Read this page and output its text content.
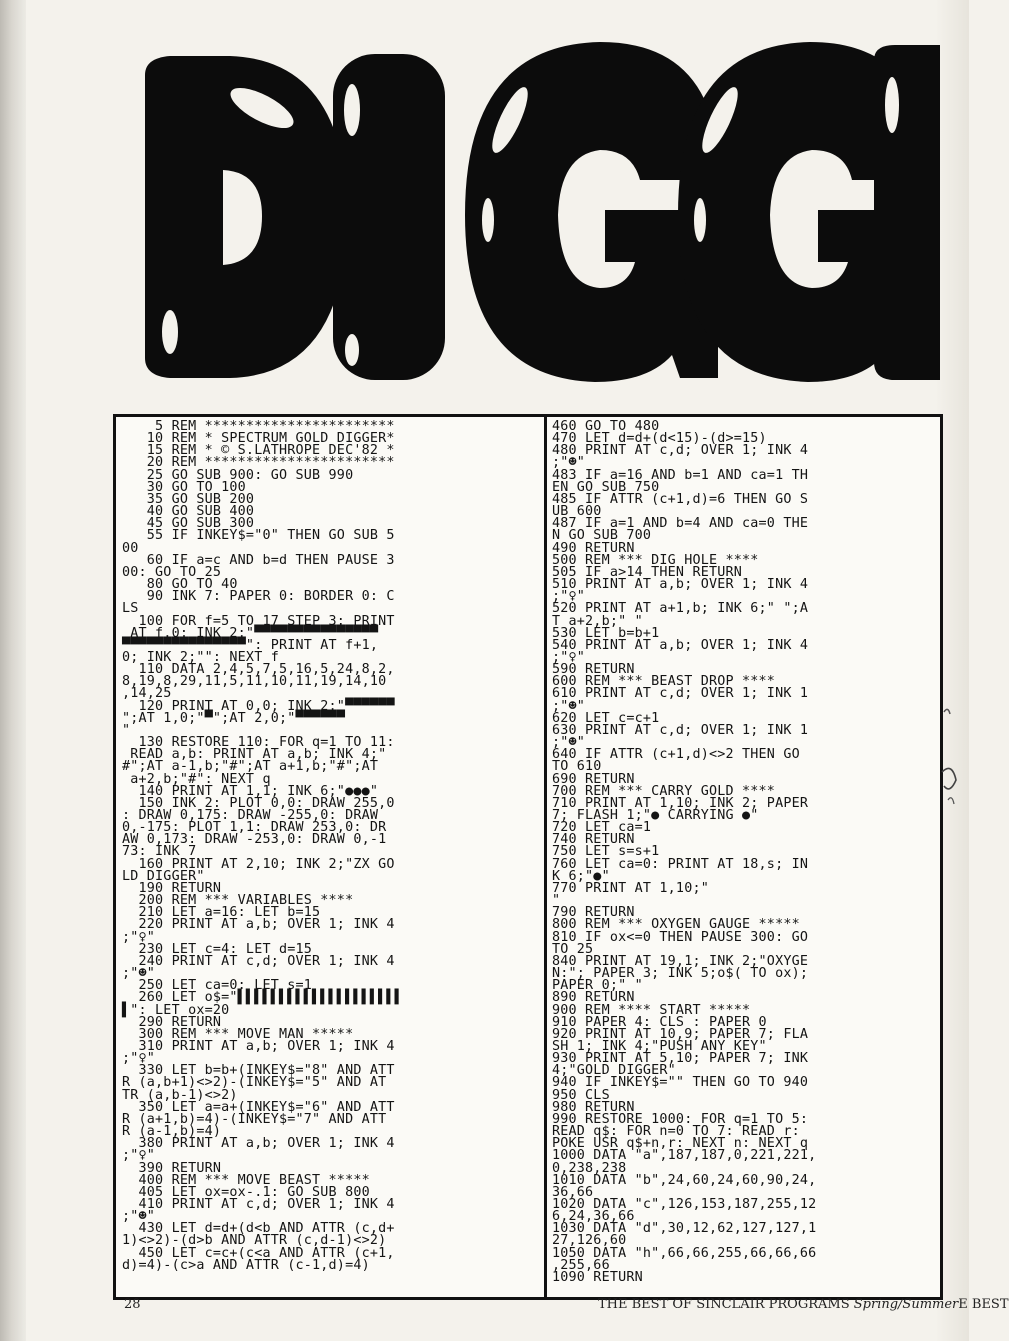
5 REM ***********************
10 REM * SPECTRUM GOLD DIGGER*
15 REM * © S.LATHROPE DEC'82 *
20 REM ***********************
25 GO SUB 900: GO SUB 990
30 GO TO 100
35 GO SUB 200
40 GO SUB 400
45 GO SUB 300
55 IF INKEY$="0" THEN GO SUB 5
00
60 IF a=c AND b=d THEN PAUSE 3
00: GO TO 25
80 GO TO 40
90 INK 7: PAPER 0: BORDER 0: C
LS
100 FOR f=5 TO 17 STEP 3: PRINT
AT f,0; INK 2;"▀▀▀▀▀▀▀▀▀▀▀▀▀▀▀
▀▀▀▀▀▀▀▀▀▀▀▀▀▀▀": PRINT AT f+1,
0; INK 2;"": NEXT f
110 DATA 2,4,5,7,5,16,5,24,8,2,
8,19,8,29,11,5,11,10,11,19,14,10
,14,25
120 PRINT AT 0,0; INK 2;"▀▀▀▀▀▀
";AT 1,0;"▀";AT 2,0;"▀▀▀▀▀▀
"
130 RESTORE 110: FOR q=1 TO 11:
READ a,b: PRINT AT a,b; INK 4;"
#";AT a-1,b;"#";AT a+1,b;"#";AT
a+2,b;"#": NEXT q
140 PRINT AT 1,1; INK 6;"●●●"
150 INK 2: PLOT 0,0: DRAW 255,0
: DRAW 0,175: DRAW -255,0: DRAW
0,-175: PLOT 1,1: DRAW 253,0: DR
AW 0,173: DRAW -253,0: DRAW 0,-1
73: INK 7
160 PRINT AT 2,10; INK 2;"ZX GO
LD DIGGER"
190 RETURN
200 REM *** VARIABLES ****
210 LET a=16: LET b=15
220 PRINT AT a,b; OVER 1; INK 4
;"♀"
230 LET c=4: LET d=15
240 PRINT AT c,d; OVER 1; INK 4
;"☻"
250 LET ca=0: LET s=1
260 LET o$="▌▌▌▌▌▌▌▌▌▌▌▌▌▌▌▌▌▌▌▌
▌": LET ox=20
290 RETURN
300 REM *** MOVE MAN *****
310 PRINT AT a,b; OVER 1; INK 4
;"♀"
330 LET b=b+(INKEY$="8" AND ATT
R (a,b+1)<>2)-(INKEY$="5" AND AT
TR (a,b-1)<>2)
350 LET a=a+(INKEY$="6" AND ATT
R (a+1,b)=4)-(INKEY$="7" AND ATT
R (a-1,b)=4)
380 PRINT AT a,b; OVER 1; INK 4
;"♀"
390 RETURN
400 REM *** MOVE BEAST *****
405 LET ox=ox-.1: GO SUB 800
410 PRINT AT c,d; OVER 1; INK 4
;"☻"
430 LET d=d+(d<b AND ATTR (c,d+
1)<>2)-(d>b AND ATTR (c,d-1)<>2)
450 LET c=c+(c<a AND ATTR (c+1,
d)=4)-(c>a AND ATTR (c-1,d)=4)
460 GO TO 480
470 LET d=d+(d<15)-(d>=15)
480 PRINT AT c,d; OVER 1; INK 4
;"☻"
483 IF a=16 AND b=1 AND ca=1 TH
EN GO SUB 750
485 IF ATTR (c+1,d)=6 THEN GO S
UB 600
487 IF a=1 AND b=4 AND ca=0 THE
N GO SUB 700
490 RETURN
500 REM *** DIG HOLE ****
505 IF a>14 THEN RETURN
510 PRINT AT a,b; OVER 1; INK 4
;"♀"
520 PRINT AT a+1,b; INK 6;" ";A
T a+2,b;" "
530 LET b=b+1
540 PRINT AT a,b; OVER 1; INK 4
;"♀"
590 RETURN
600 REM *** BEAST DROP ****
610 PRINT AT c,d; OVER 1; INK 1
;"☻"
620 LET c=c+1
630 PRINT AT c,d; OVER 1; INK 1
;"☻"
640 IF ATTR (c+1,d)<>2 THEN GO
TO 610
690 RETURN
700 REM *** CARRY GOLD ****
710 PRINT AT 1,10; INK 2; PAPER
7; FLASH 1;"● CARRYING ●"
720 LET ca=1
740 RETURN
750 LET s=s+1
760 LET ca=0: PRINT AT 18,s; IN
K 6;"●"
770 PRINT AT 1,10;"
"
790 RETURN
800 REM *** OXYGEN GAUGE *****
810 IF ox<=0 THEN PAUSE 300: GO
TO 25
840 PRINT AT 19,1; INK 2;"OXYGE
N:"; PAPER 3; INK 5;o$( TO ox);
PAPER 0;" "
890 RETURN
900 REM **** START *****
910 PAPER 4: CLS : PAPER 0
920 PRINT AT 10,9; PAPER 7; FLA
SH 1; INK 4;"PUSH ANY KEY"
930 PRINT AT 5,10; PAPER 7; INK
4;"GOLD DIGGER"
940 IF INKEY$="" THEN GO TO 940
950 CLS
980 RETURN
990 RESTORE 1000: FOR q=1 TO 5:
READ q$: FOR n=0 TO 7: READ r:
POKE USR q$+n,r: NEXT n: NEXT q
1000 DATA "a",187,187,0,221,221,
0,238,238
1010 DATA "b",24,60,24,60,90,24,
36,66
1020 DATA "c",126,153,187,255,12
6,24,36,66
1030 DATA "d",30,12,62,127,127,1
27,126,60
1050 DATA "h",66,66,255,66,66,66
,255,66
1090 RETURN
28	THE BEST OF SINCLAIR PROGRAMS Spring/SummerE BEST
